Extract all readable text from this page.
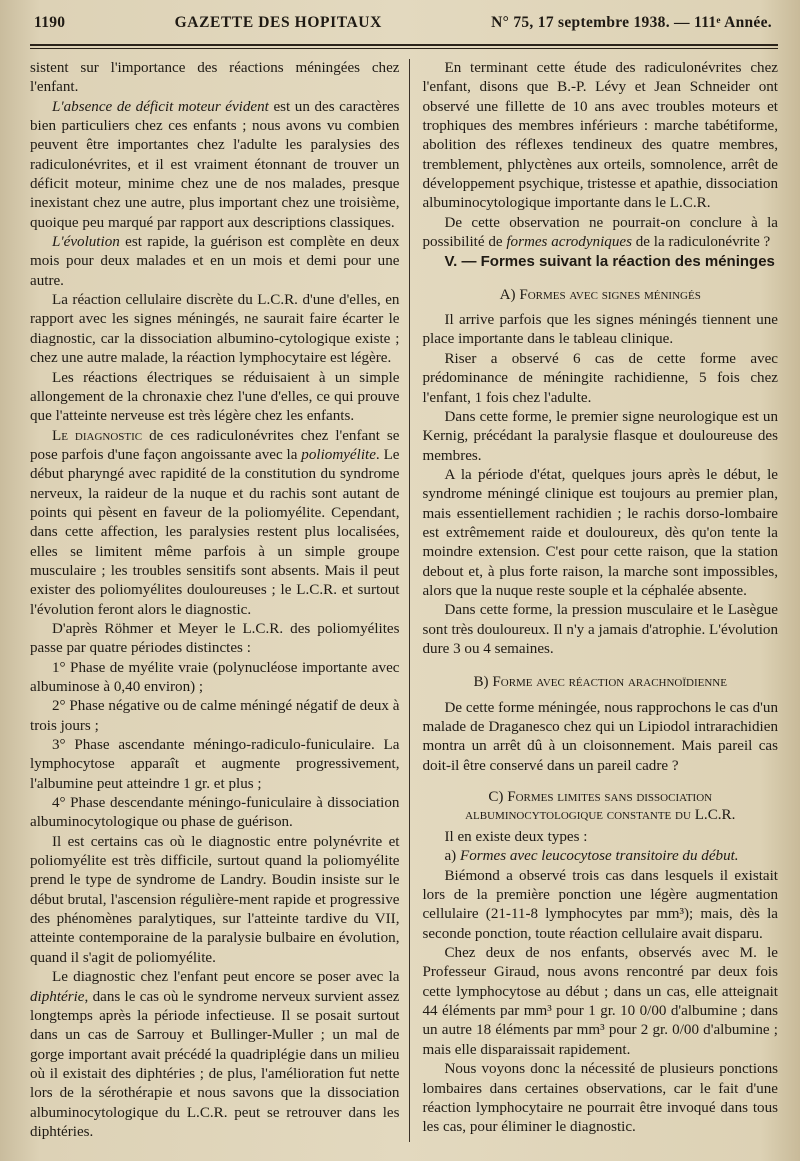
1190	GAZETTE DES HOPITAUX	N° 75, 17 septembre 1938. — 111ᵉ Année.

sistent sur l'importance des réactions méningées chez l'enfant.

L'absence de déficit moteur évident est un des caractères bien particuliers chez ces enfants ; nous avons vu combien peuvent être importantes chez l'adulte les paralysies des radiculonévrites, et il est vraiment étonnant de trouver un déficit moteur, minime chez une de nos malades, presque inexistant chez une autre, plus important chez une troisième, quoique peu marqué par rapport aux descriptions classiques.

L'évolution est rapide, la guérison est complète en deux mois pour deux malades et en un mois et demi pour une autre.

La réaction cellulaire discrète du L.C.R. d'une d'elles, en rapport avec les signes méningés, ne saurait faire écarter le diagnostic, car la dissociation albumino-cytologique existe ; chez une autre malade, la réaction lymphocytaire est légère.

Les réactions électriques se réduisaient à un simple allongement de la chronaxie chez l'une d'elles, ce qui prouve que l'atteinte nerveuse est très légère chez les enfants.

Le diagnostic de ces radiculonévrites chez l'enfant se pose parfois d'une façon angoissante avec la poliomyélite. Le début pharyngé avec rapidité de la constitution du syndrome nerveux, la raideur de la nuque et du rachis sont autant de points qui pèsent en faveur de la poliomyélite. Cependant, dans cette affection, les paralysies restent plus localisées, elles se limitent même parfois à un simple groupe musculaire ; les troubles sensitifs sont absents. Mais il peut exister des poliomyélites douloureuses ; le L.C.R. et surtout l'évolution feront alors le diagnostic.

D'après Röhmer et Meyer le L.C.R. des poliomyélites passe par quatre périodes distinctes :

1° Phase de myélite vraie (polynucléose importante avec albuminose à 0,40 environ) ;

2° Phase négative ou de calme méningé négatif de deux à trois jours ;

3° Phase ascendante méningo-radiculo-funiculaire. La lymphocytose apparaît et augmente progressivement, l'albumine peut atteindre 1 gr. et plus ;

4° Phase descendante méningo-funiculaire à dissociation albuminocytologique ou phase de guérison.

Il est certains cas où le diagnostic entre polynévrite et poliomyélite est très difficile, surtout quand la poliomyélite prend le type de syndrome de Landry. Boudin insiste sur le début brutal, l'ascension régulière-ment rapide et progressive des phénomènes paralytiques, sur l'atteinte tardive du VII, atteinte contemporaine de la paralysie bulbaire en évolution, quand il s'agit de poliomyélite.

Le diagnostic chez l'enfant peut encore se poser avec la diphtérie, dans le cas où le syndrome nerveux survient assez longtemps après la période infectieuse. Il se posait surtout dans un cas de Sarrouy et Bullinger-Muller ; un mal de gorge important avait précédé la quadriplégie dans un milieu où il existait des diphtéries ; de plus, l'amélioration fut nette lors de la sérothérapie et nous savons que la dissociation albuminocytologique du L.C.R. peut se retrouver dans les diphtéries.

En terminant cette étude des radiculonévrites chez l'enfant, disons que B.-P. Lévy et Jean Schneider ont observé une fillette de 10 ans avec troubles moteurs et trophiques des membres inférieurs : marche tabétiforme, abolition des réflexes tendineux des quatre membres, tremblement, phlyctènes aux orteils, somnolence, arrêt de développement psychique, tristesse et apathie, dissociation albuminocytologique importante dans le L.C.R.

De cette observation ne pourrait-on conclure à la possibilité de formes acrodyniques de la radiculonévrite ?

V. — Formes suivant la réaction des méninges

A) Formes avec signes méningés

Il arrive parfois que les signes méningés tiennent une place importante dans le tableau clinique.

Riser a observé 6 cas de cette forme avec prédominance de méningite rachidienne, 5 fois chez l'enfant, 1 fois chez l'adulte.

Dans cette forme, le premier signe neurologique est un Kernig, précédant la paralysie flasque et douloureuse des membres.

A la période d'état, quelques jours après le début, le syndrome méningé clinique est toujours au premier plan, mais essentiellement rachidien ; le rachis dorso-lombaire est extrêmement raide et douloureux, dès qu'on tente la moindre extension. C'est pour cette raison, que la station debout et, à plus forte raison, la marche sont impossibles, alors que la nuque reste souple et la céphalée absente.

Dans cette forme, la pression musculaire et le Lasègue sont très douloureux. Il n'y a jamais d'atrophie. L'évolution dure 3 ou 4 semaines.

B) Forme avec réaction arachnoïdienne

De cette forme méningée, nous rapprochons le cas d'un malade de Draganesco chez qui un Lipiodol intrarachidien montra un arrêt dû à un cloisonnement. Mais pareil cas doit-il être conservé dans un pareil cadre ?

C) Formes limites sans dissociation albuminocytologique constante du L.C.R.

Il en existe deux types :

a) Formes avec leucocytose transitoire du début.

Biémond a observé trois cas dans lesquels il existait lors de la première ponction une légère augmentation cellulaire (21-11-8 lymphocytes par mm³); mais, dès la seconde ponction, toute réaction cellulaire avait disparu.

Chez deux de nos enfants, observés avec M. le Professeur Giraud, nous avons rencontré par deux fois cette lymphocytose au début ; dans un cas, elle atteignait 44 éléments par mm³ pour 1 gr. 10 0/00 d'albumine ; dans un autre 18 éléments par mm³ pour 2 gr. 0/00 d'albumine ; mais elle disparaissait rapidement.

Nous voyons donc la nécessité de plusieurs ponctions lombaires dans certaines observations, car le fait d'une réaction lymphocytaire ne pourrait être invoqué dans tous les cas, pour éliminer le diagnostic.
